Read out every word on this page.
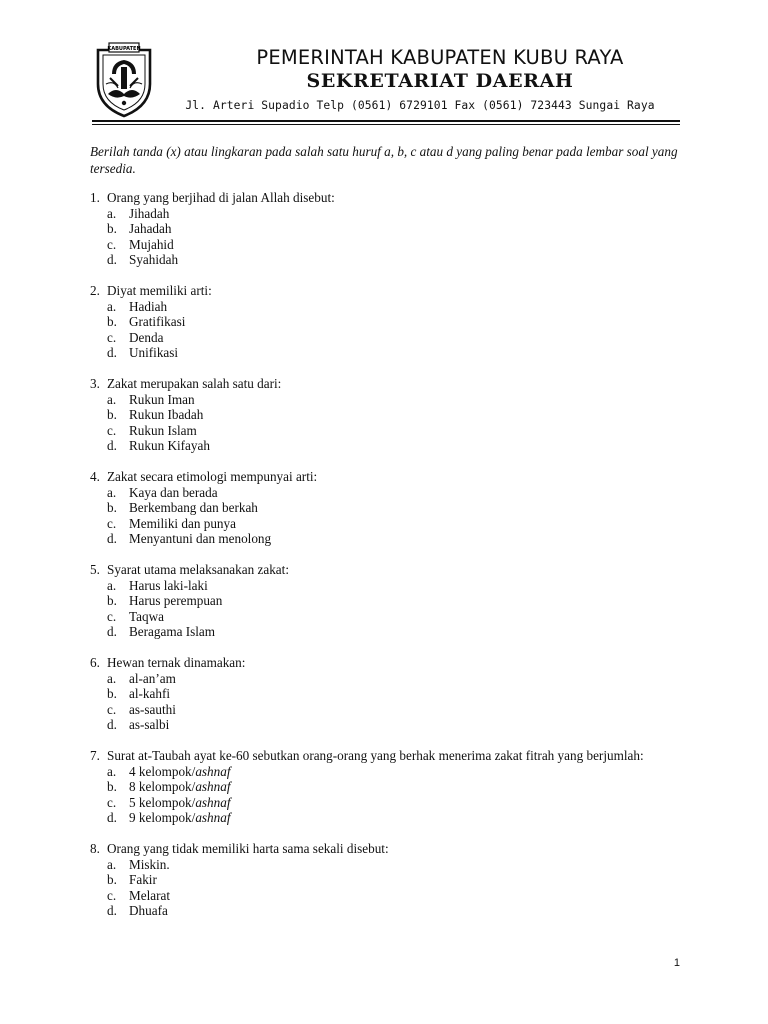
KABUPATEN	PEMERINTAH KABUPATEN KUBU RAYA
SEKRETARIAT DAERAH
Jl. Arteri Supadio Telp (0561) 6729101 Fax (0561) 723443 Sungai Raya
Berilah tanda (x) atau lingkaran pada salah satu huruf a, b, c atau d yang paling benar pada lembar soal yang tersedia.
1. Orang yang berjihad di jalan Allah disebut:
a. Jihadah
b. Jahadah
c. Mujahid
d. Syahidah
2. Diyat memiliki arti:
a. Hadiah
b. Gratifikasi
c. Denda
d. Unifikasi
3. Zakat merupakan salah satu dari:
a. Rukun Iman
b. Rukun Ibadah
c. Rukun Islam
d. Rukun Kifayah
4. Zakat secara etimologi mempunyai arti:
a. Kaya dan berada
b. Berkembang dan berkah
c. Memiliki dan punya
d. Menyantuni dan menolong
5. Syarat utama melaksanakan zakat:
a. Harus laki-laki
b. Harus perempuan
c. Taqwa
d. Beragama Islam
6. Hewan ternak dinamakan:
a. al-an’am
b. al-kahfi
c. as-sauthi
d. as-salbi
7. Surat at-Taubah ayat ke-60 sebutkan orang-orang yang berhak menerima zakat fitrah yang berjumlah:
a. 4 kelompok/ashnaf
b. 8 kelompok/ashnaf
c. 5 kelompok/ashnaf
d. 9 kelompok/ashnaf
8. Orang yang tidak memiliki harta sama sekali disebut:
a. Miskin.
b. Fakir
c. Melarat
d. Dhuafa
1
